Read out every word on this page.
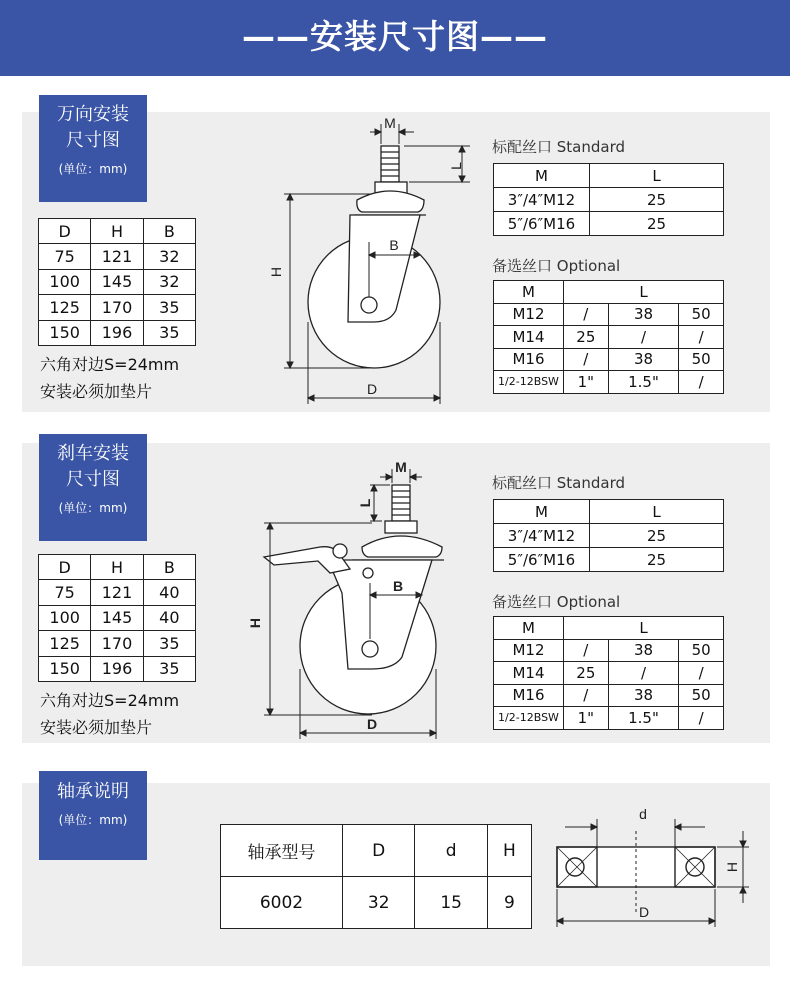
——安装尺寸图——
万向安装尺寸图
(单位：mm)
D	H	B
75	121	32
100	145	32
125	170	35
150	196	35
六角对边S=24mm
安装必须加垫片
M
L
B
H
D
标配丝口 Standard
M	L
3″/4″M12	25
5″/6″M16	25
备选丝口 Optional
M	L		
M12	/	38	50
M14	25	/	/
M16	/	38	50
1/2-12BSW	1"	1.5"	/
刹车安装尺寸图
(单位：mm)
D	H	B
75	121	40
100	145	40
125	170	35
150	196	35
六角对边S=24mm
安装必须加垫片
M
L
B
H
D
标配丝口 Standard
M	L
3″/4″M12	25
5″/6″M16	25
备选丝口 Optional
M	L		
M12	/	38	50
M14	25	/	/
M16	/	38	50
1/2-12BSW	1"	1.5"	/
轴承说明
(单位：mm)
轴承型号	D	d	H
6002	32	15	9
d
H
D
